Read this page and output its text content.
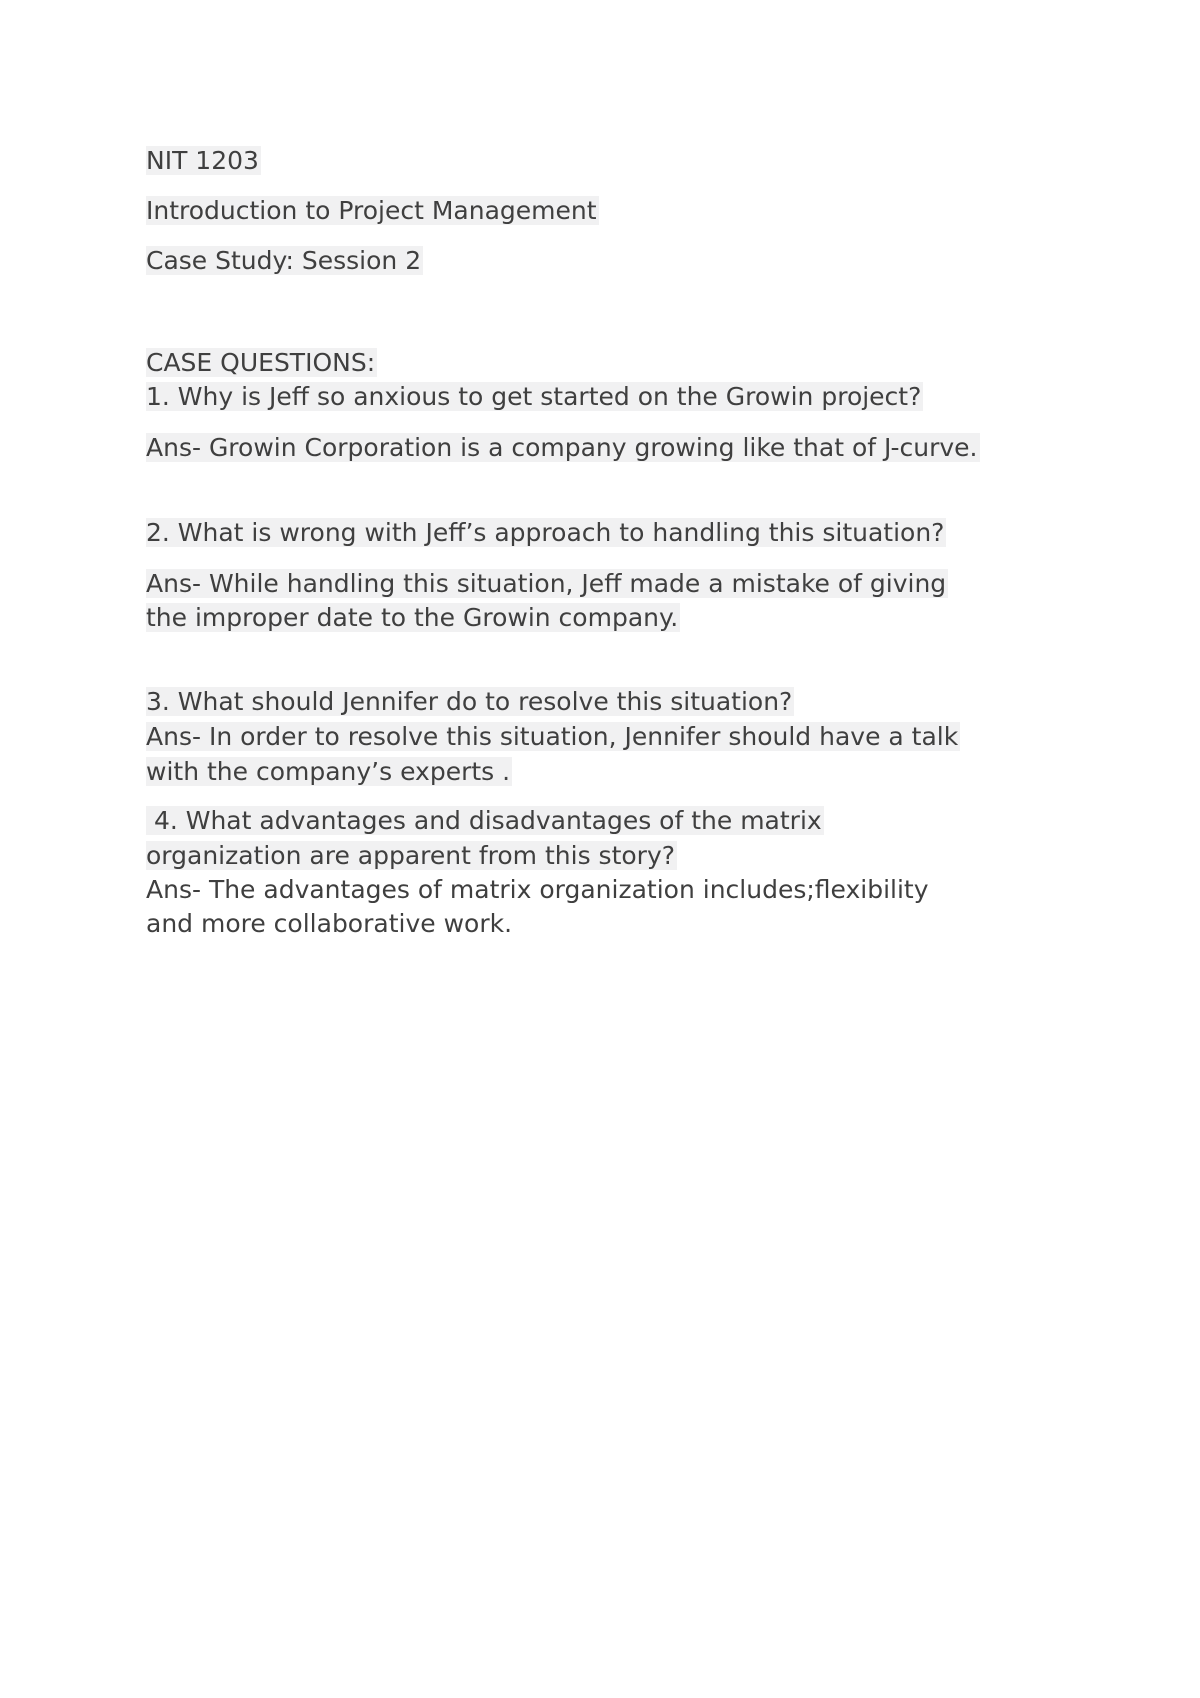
NIT 1203

Introduction to Project Management

Case Study: Session 2

CASE QUESTIONS:

1. Why is Jeff so anxious to get started on the Growin project?

Ans- Growin Corporation is a company growing like that of J-curve.

2. What is wrong with Jeff’s approach to handling this situation?

Ans- While handling this situation, Jeff made a mistake of giving

the improper date to the Growin company.

3. What should Jennifer do to resolve this situation?

Ans- In order to resolve this situation, Jennifer should have a talk

with the company’s experts .

4. What advantages and disadvantages of the matrix

organization are apparent from this story?

Ans- The advantages of matrix organization includes;flexibility

and more collaborative work.
